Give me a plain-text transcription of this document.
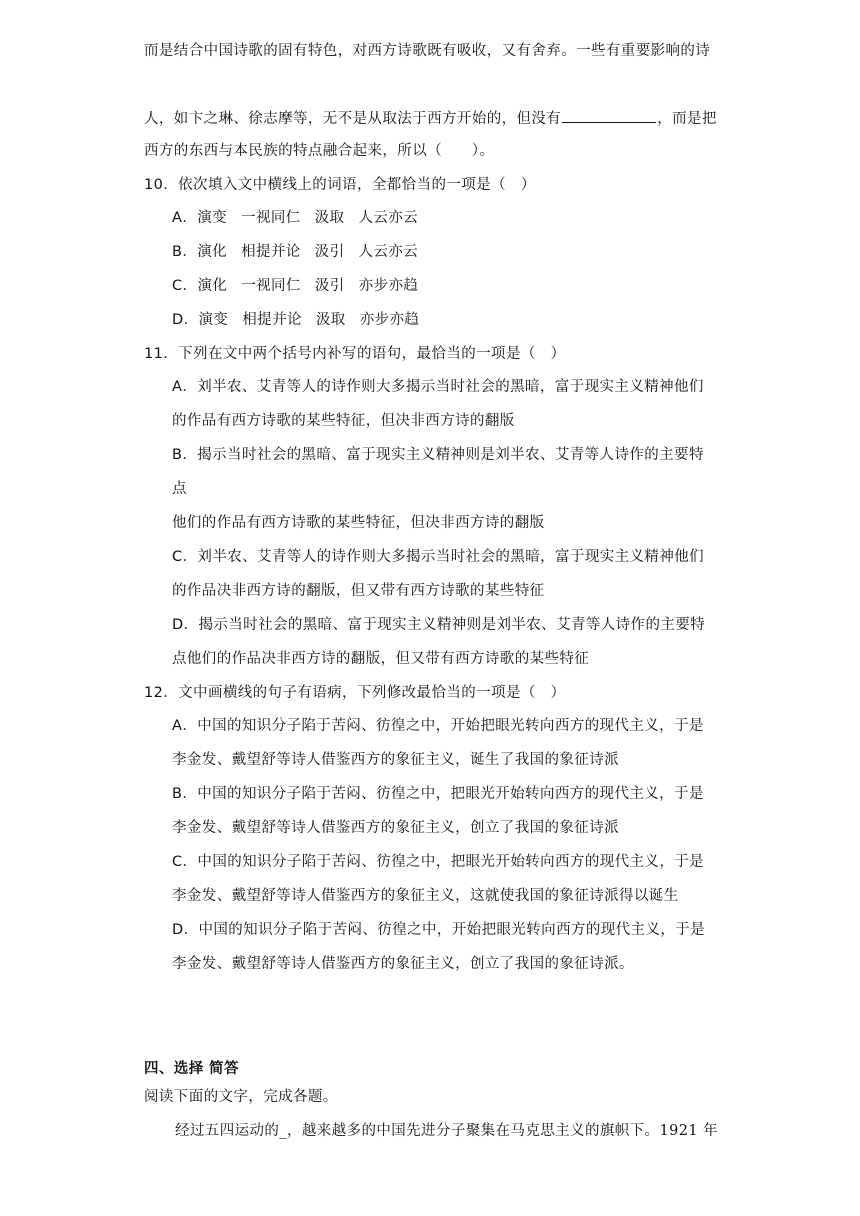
而是结合中国诗歌的固有特色，对西方诗歌既有吸收，又有舍弃。一些有重要影响的诗
人，如卞之琳、徐志摩等，无不是从取法于西方开始的，但没有	，而是把
西方的东西与本民族的特点融合起来，所以（　　）。
10．依次填入文中横线上的词语，全都恰当的一项是（　）
A．演变 一视同仁 汲取 人云亦云
B．演化 相提并论 汲引 人云亦云
C．演化 一视同仁 汲引 亦步亦趋
D．演变 相提并论 汲取 亦步亦趋
11．下列在文中两个括号内补写的语句，最恰当的一项是（　）
A．刘半农、艾青等人的诗作则大多揭示当时社会的黑暗，富于现实主义精神他们
的作品有西方诗歌的某些特征，但决非西方诗的翻版
B．揭示当时社会的黑暗、富于现实主义精神则是刘半农、艾青等人诗作的主要特
点
他们的作品有西方诗歌的某些特征，但决非西方诗的翻版
C．刘半农、艾青等人的诗作则大多揭示当时社会的黑暗，富于现实主义精神他们
的作品决非西方诗的翻版，但又带有西方诗歌的某些特征
D．揭示当时社会的黑暗、富于现实主义精神则是刘半农、艾青等人诗作的主要特
点他们的作品决非西方诗的翻版，但又带有西方诗歌的某些特征
12．文中画横线的句子有语病，下列修改最恰当的一项是（　）
A．中国的知识分子陷于苦闷、彷徨之中，开始把眼光转向西方的现代主义，于是
李金发、戴望舒等诗人借鉴西方的象征主义，诞生了我国的象征诗派
B．中国的知识分子陷于苦闷、彷徨之中，把眼光开始转向西方的现代主义，于是
李金发、戴望舒等诗人借鉴西方的象征主义，创立了我国的象征诗派
C．中国的知识分子陷于苦闷、彷徨之中，把眼光开始转向西方的现代主义，于是
李金发、戴望舒等诗人借鉴西方的象征主义，这就使我国的象征诗派得以诞生
D．中国的知识分子陷于苦闷、彷徨之中，开始把眼光转向西方的现代主义，于是
李金发、戴望舒等诗人借鉴西方的象征主义，创立了我国的象征诗派。
四、选择 简答
阅读下面的文字，完成各题。
经过五四运动的_，越来越多的中国先进分子聚集在马克思主义的旗帜下。1921 年
